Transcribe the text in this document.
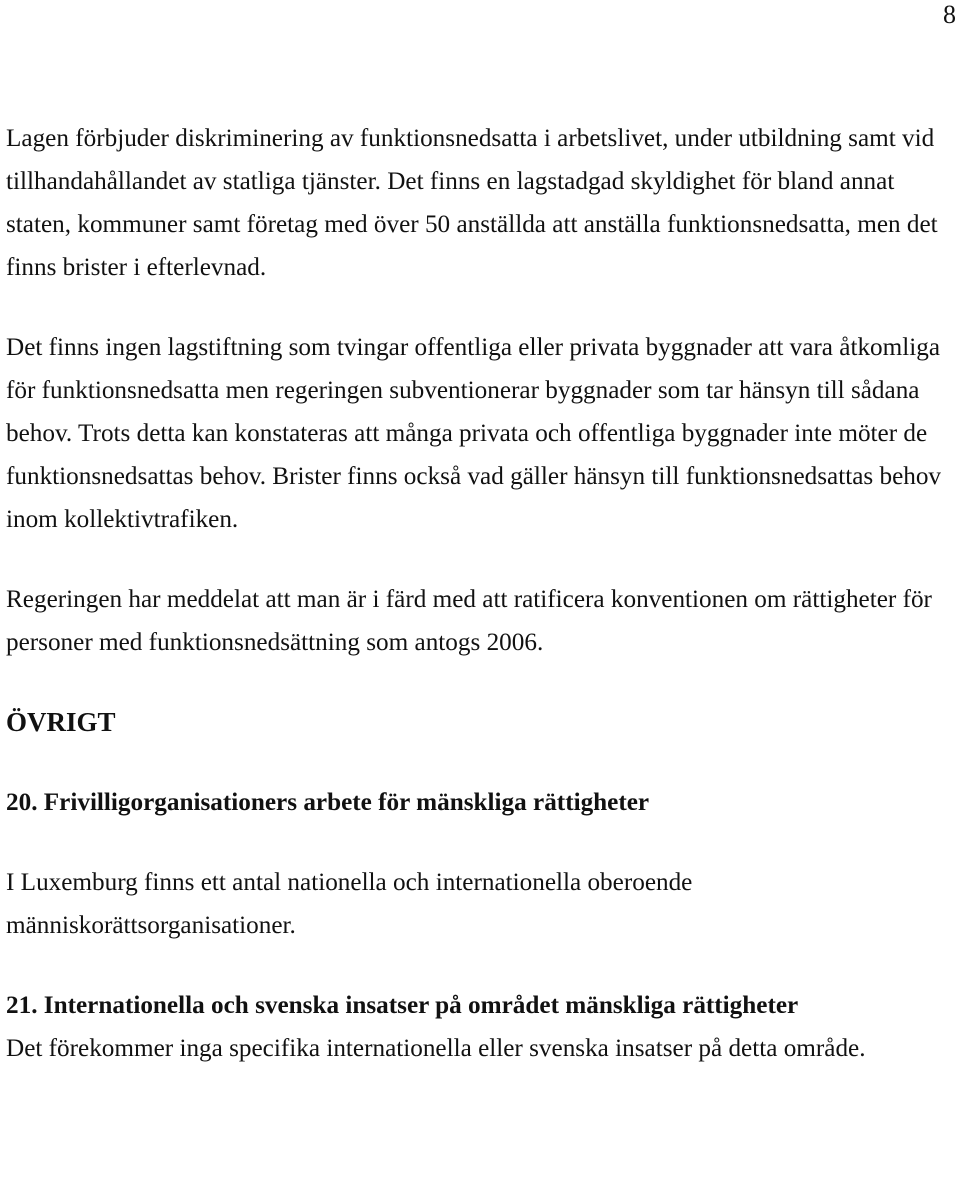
8

Lagen förbjuder diskriminering av funktionsnedsatta i arbetslivet, under utbildning samt vid tillhandahållandet av statliga tjänster. Det finns en lagstadgad skyldighet för bland annat staten, kommuner samt företag med över 50 anställda att anställa funktionsnedsatta, men det finns brister i efterlevnad.

Det finns ingen lagstiftning som tvingar offentliga eller privata byggnader att vara åtkomliga för funktionsnedsatta men regeringen subventionerar byggnader som tar hänsyn till sådana behov. Trots detta kan konstateras att många privata och offentliga byggnader inte möter de funktionsnedsattas behov. Brister finns också vad gäller hänsyn till funktionsnedsattas behov inom kollektivtrafiken.

Regeringen har meddelat att man är i färd med att ratificera konventionen om rättigheter för personer med funktionsnedsättning som antogs 2006.

ÖVRIGT
20. Frivilligorganisationers arbete för mänskliga rättigheter

I Luxemburg finns ett antal nationella och internationella oberoende människorättsorganisationer.

21. Internationella och svenska insatser på området mänskliga rättigheter

Det förekommer inga specifika internationella eller svenska insatser på detta område.
